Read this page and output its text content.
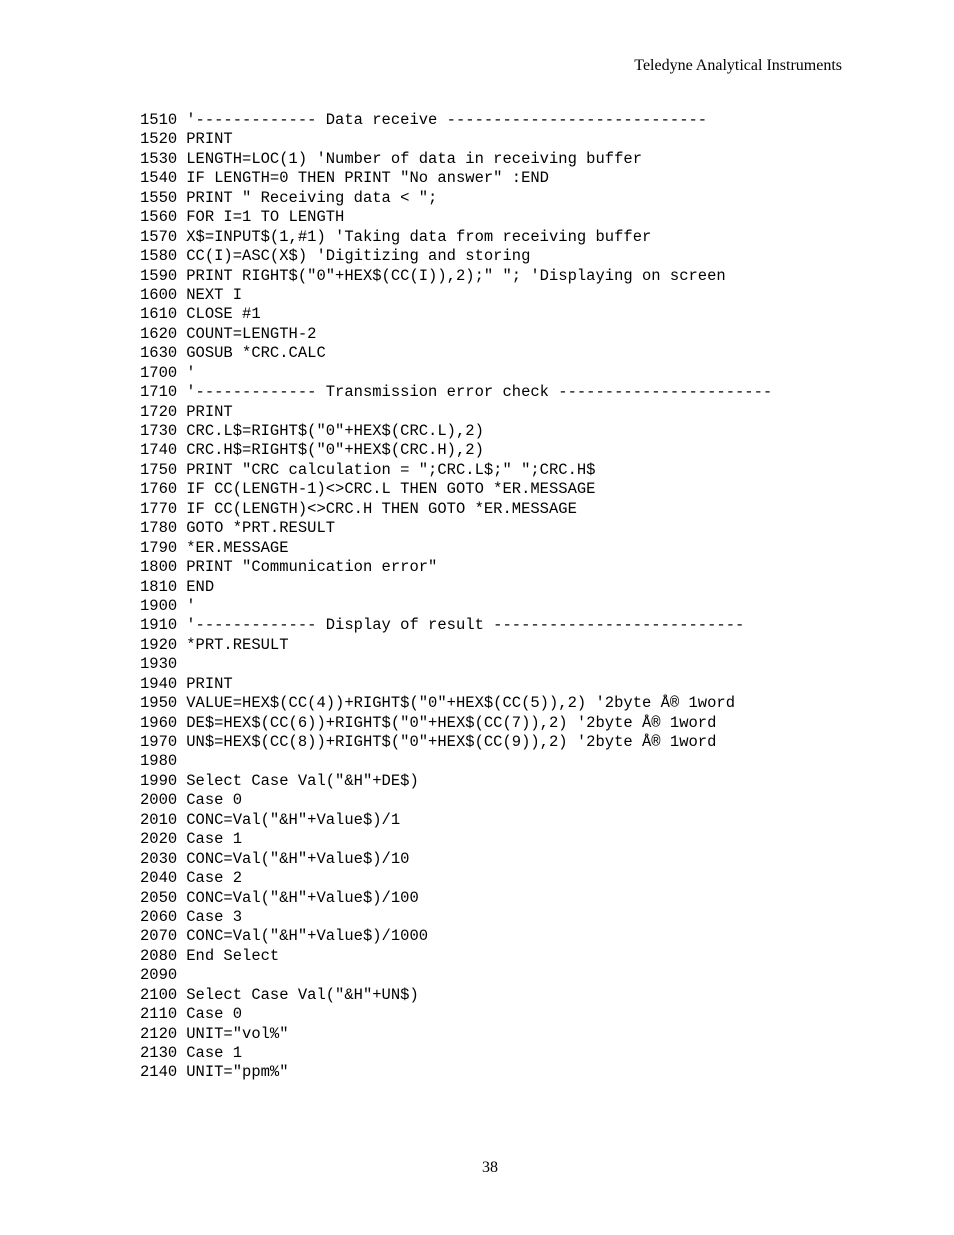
Teledyne Analytical Instruments
1510 '------------- Data receive ----------------------------
1520 PRINT
1530 LENGTH=LOC(1) 'Number of data in receiving buffer
1540 IF LENGTH=0 THEN PRINT "No answer" :END
1550 PRINT " Receiving data < ";
1560 FOR I=1 TO LENGTH
1570 X$=INPUT$(1,#1) 'Taking data from receiving buffer
1580 CC(I)=ASC(X$) 'Digitizing and storing
1590 PRINT RIGHT$("0"+HEX$(CC(I)),2);" "; 'Displaying on screen
1600 NEXT I
1610 CLOSE #1
1620 COUNT=LENGTH-2
1630 GOSUB *CRC.CALC
1700 '
1710 '------------- Transmission error check -----------------------
1720 PRINT
1730 CRC.L$=RIGHT$("0"+HEX$(CRC.L),2)
1740 CRC.H$=RIGHT$("0"+HEX$(CRC.H),2)
1750 PRINT "CRC calculation = ";CRC.L$;" ";CRC.H$
1760 IF CC(LENGTH-1)<>CRC.L THEN GOTO *ER.MESSAGE
1770 IF CC(LENGTH)<>CRC.H THEN GOTO *ER.MESSAGE
1780 GOTO *PRT.RESULT
1790 *ER.MESSAGE
1800 PRINT "Communication error"
1810 END
1900 '
1910 '------------- Display of result ---------------------------
1920 *PRT.RESULT
1930
1940 PRINT
1950 VALUE=HEX$(CC(4))+RIGHT$("0"+HEX$(CC(5)),2) '2byte Å® 1word
1960 DE$=HEX$(CC(6))+RIGHT$("0"+HEX$(CC(7)),2) '2byte Å® 1word
1970 UN$=HEX$(CC(8))+RIGHT$("0"+HEX$(CC(9)),2) '2byte Å® 1word
1980
1990 Select Case Val("&H"+DE$)
2000 Case 0
2010 CONC=Val("&H"+Value$)/1
2020 Case 1
2030 CONC=Val("&H"+Value$)/10
2040 Case 2
2050 CONC=Val("&H"+Value$)/100
2060 Case 3
2070 CONC=Val("&H"+Value$)/1000
2080 End Select
2090
2100 Select Case Val("&H"+UN$)
2110 Case 0
2120 UNIT="vol%"
2130 Case 1
2140 UNIT="ppm%"
38
